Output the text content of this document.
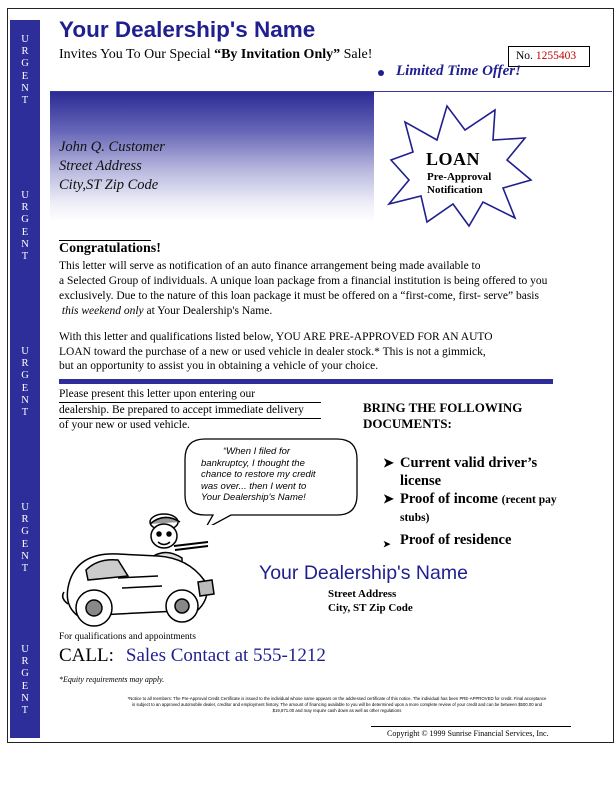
U
R
G
E
N
T
U
R
G
E
N
T
U
R
G
E
N
T
U
R
G
E
N
T
U
R
G
E
N
T
Your Dealership's Name
Invites You To Our Special “By Invitation Only” Sale!	No. 1255403
Limited Time Offer!
John Q. Customer
Street Address
City,ST Zip Code
LOAN
Pre-Approval
Notification
Congratulations!
This letter will serve as notification of an auto finance arrangement being made available to
a Selected Group of individuals. A unique loan package from a financial institution is being offered to you
exclusively. Due to the nature of this loan package it must be offered on a “first-come, first- serve” basis
this weekend only at Your Dealership's Name.
With this letter and qualifications listed below, YOU ARE PRE-APPROVED FOR AN AUTO
LOAN toward the purchase of a new or used vehicle in dealer stock.* This is not a gimmick,
but an opportunity to assist you in obtaining a vehicle of your choice.
Please present this letter upon entering our
dealership. Be prepared to accept immediate delivery
of your new or used vehicle.
BRING THE FOLLOWING
DOCUMENTS:
➤ Current valid driver’s
license
➤ Proof of income (recent pay
stubs)
➤ Proof of residence
“When I filed for
bankruptcy, I thought the
chance to restore my credit
was over... then I went to
Your Dealership's Name!
Your Dealership's Name
Street Address
City, ST Zip Code
For qualifications and appointments
CALL: Sales Contact at 555-1212
*Equity requirements may apply.
*Notice to all members: The Pre-Approval Credit Certificate is issued to the individual whose name appears on the addressed certificate of this notice. The individual has been PRE-APPROVED for credit. Final acceptance
is subject to an approved automobile dealer, creditor and employment history. The amount of financing available to you will be determined upon a more complete review of your credit and can be between $500.00 and
$19,871.00 and may require cash down as well as other regulations
Copyright © 1999 Sunrise Financial Services, Inc.
